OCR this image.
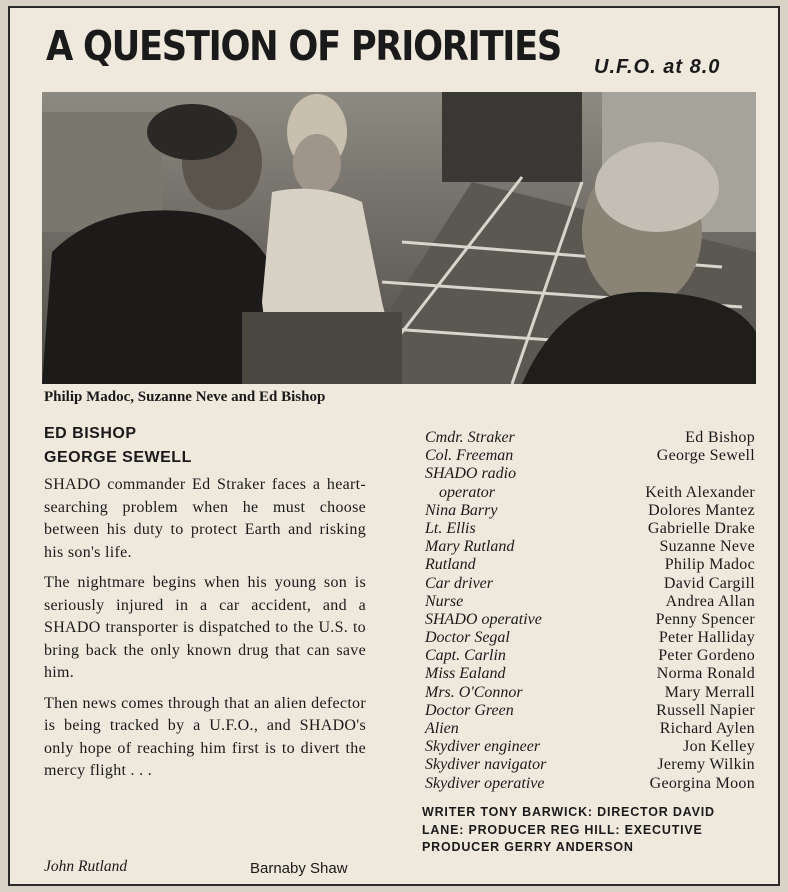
A QUESTION OF PRIORITIES U.F.O. at 8.0
Philip Madoc, Suzanne Neve and Ed Bishop
ED BISHOP
GEORGE SEWELL

SHADO commander Ed Straker faces a heart-searching problem when he must choose between his duty to protect Earth and risking his son's life.

The nightmare begins when his young son is seriously injured in a car accident, and a SHADO transporter is dispatched to the U.S. to bring back the only known drug that can save him.

Then news comes through that an alien defector is being tracked by a U.F.O., and SHADO's only hope of reaching him first is to divert the mercy flight . . .

John Rutland	Barnaby Shaw
Cmdr. Straker	Ed Bishop
Col. Freeman	George Sewell
SHADO radio
operator	Keith Alexander
Nina Barry	Dolores Mantez
Lt. Ellis	Gabrielle Drake
Mary Rutland	Suzanne Neve
Rutland	Philip Madoc
Car driver	David Cargill
Nurse	Andrea Allan
SHADO operative	Penny Spencer
Doctor Segal	Peter Halliday
Capt. Carlin	Peter Gordeno
Miss Ealand	Norma Ronald
Mrs. O'Connor	Mary Merrall
Doctor Green	Russell Napier
Alien	Richard Aylen
Skydiver engineer	Jon Kelley
Skydiver navigator	Jeremy Wilkin
Skydiver operative	Georgina Moon
WRITER TONY BARWICK: DIRECTOR DAVID LANE: PRODUCER REG HILL: EXECUTIVE PRODUCER GERRY ANDERSON
